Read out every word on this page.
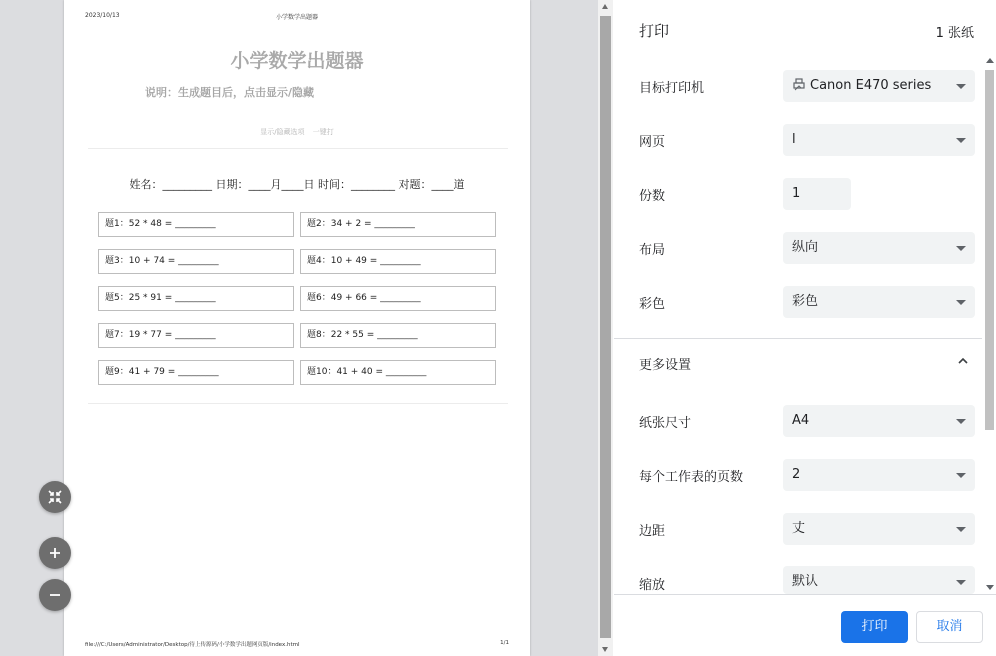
2023/10/13	小学数学出题器
小学数学出题器
说明：生成题目后，点击显示/隐藏
显示/隐藏选项 一键打
姓名：_________ 日期：____月____日 时间：________ 对题：____道
题1：52 * 48 = _________	题2：34 + 2 = _________
题3：10 + 74 = _________	题4：10 + 49 = _________
题5：25 * 91 = _________	题6：49 + 66 = _________
题7：19 * 77 = _________	题8：22 * 55 = _________
题9：41 + 79 = _________	题10：41 + 40 = _________
file:///C:/Users/Administrator/Desktop/待上传源码/小学数学出题网页版/index.html	1/1
打印	1 张纸
目标打印机	Canon E470 series
网页	l
份数	1
布局	纵向
彩色	彩色
更多设置
纸张尺寸	A4
每个工作表的页数	2
边距	丈
缩放	默认
打印	取消
